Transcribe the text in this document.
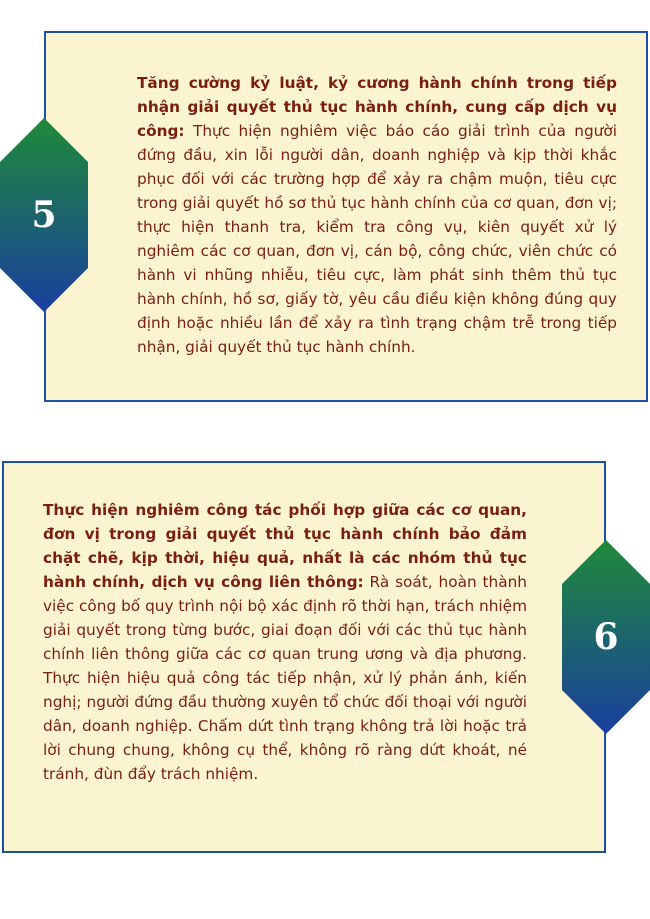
Tăng cường kỷ luật, kỷ cương hành chính trong tiếp nhận giải quyết thủ tục hành chính, cung cấp dịch vụ công: Thực hiện nghiêm việc báo cáo giải trình của người đứng đầu, xin lỗi người dân, doanh nghiệp và kịp thời khắc phục đối với các trường hợp để xảy ra chậm muộn, tiêu cực trong giải quyết hồ sơ thủ tục hành chính của cơ quan, đơn vị; thực hiện thanh tra, kiểm tra công vụ, kiên quyết xử lý nghiêm các cơ quan, đơn vị, cán bộ, công chức, viên chức có hành vi nhũng nhiễu, tiêu cực, làm phát sinh thêm thủ tục hành chính, hồ sơ, giấy tờ, yêu cầu điều kiện không đúng quy định hoặc nhiều lần để xảy ra tình trạng chậm trễ trong tiếp nhận, giải quyết thủ tục hành chính.
Thực hiện nghiêm công tác phối hợp giữa các cơ quan, đơn vị trong giải quyết thủ tục hành chính bảo đảm chặt chẽ, kịp thời, hiệu quả, nhất là các nhóm thủ tục hành chính, dịch vụ công liên thông: Rà soát, hoàn thành việc công bố quy trình nội bộ xác định rõ thời hạn, trách nhiệm giải quyết trong từng bước, giai đoạn đối với các thủ tục hành chính liên thông giữa các cơ quan trung ương và địa phương. Thực hiện hiệu quả công tác tiếp nhận, xử lý phản ánh, kiến nghị; người đứng đầu thường xuyên tổ chức đối thoại với người dân, doanh nghiệp. Chấm dứt tình trạng không trả lời hoặc trả lời chung chung, không cụ thể, không rõ ràng dứt khoát, né tránh, đùn đẩy trách nhiệm.
5
6
